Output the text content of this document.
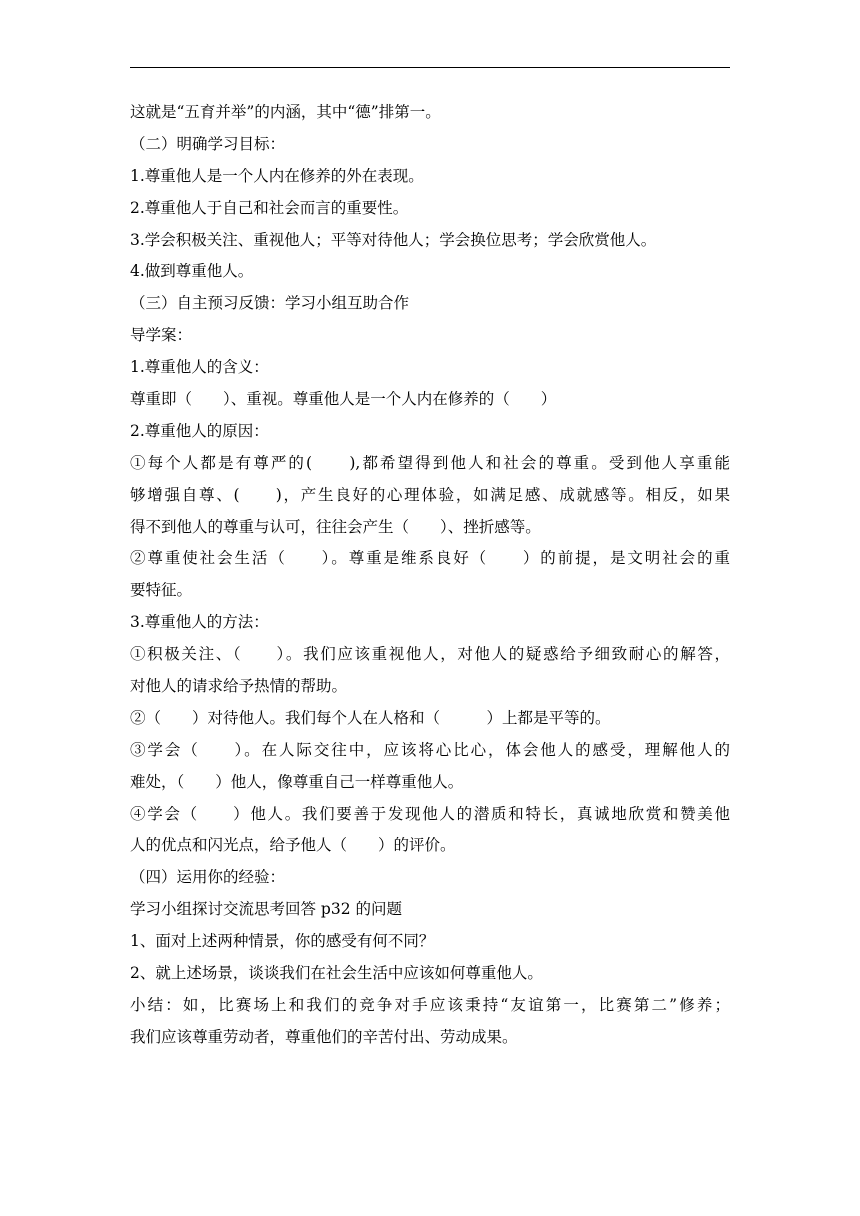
这就是“五育并举”的内涵，其中“德”排第一。
（二）明确学习目标：
1.尊重他人是一个人内在修养的外在表现。
2.尊重他人于自己和社会而言的重要性。
3.学会积极关注、重视他人；平等对待他人；学会换位思考；学会欣赏他人。
4.做到尊重他人。
（三）自主预习反馈：学习小组互助合作
导学案：
1.尊重他人的含义：
尊重即（　　）、重视。尊重他人是一个人内在修养的（　　）
2.尊重他人的原因：
①每个人都是有尊严的(　　),都希望得到他人和社会的尊重。受到他人享重能
够增强自尊、(　　)，产生良好的心理体验，如满足感、成就感等。相反，如果
得不到他人的尊重与认可，往往会产生（　　）、挫折感等。
②尊重使社会生活（　　）。尊重是维系良好（　　）的前提，是文明社会的重
要特征。
3.尊重他人的方法：
①积极关注、（　　）。我们应该重视他人，对他人的疑惑给予细致耐心的解答，
对他人的请求给予热情的帮助。
②（　　）对待他人。我们每个人在人格和（　　　）上都是平等的。
③学会（　　）。在人际交往中，应该将心比心，体会他人的感受，理解他人的
难处，（　　）他人，像尊重自己一样尊重他人。
④学会（　　）他人。我们要善于发现他人的潜质和特长，真诚地欣赏和赞美他
人的优点和闪光点，给予他人（　　）的评价。
（四）运用你的经验：
学习小组探讨交流思考回答 p32 的问题
1、面对上述两种情景，你的感受有何不同？
2、就上述场景，谈谈我们在社会生活中应该如何尊重他人。
小结：如，比赛场上和我们的竞争对手应该秉持“友谊第一，比赛第二”修养；
我们应该尊重劳动者，尊重他们的辛苦付出、劳动成果。
